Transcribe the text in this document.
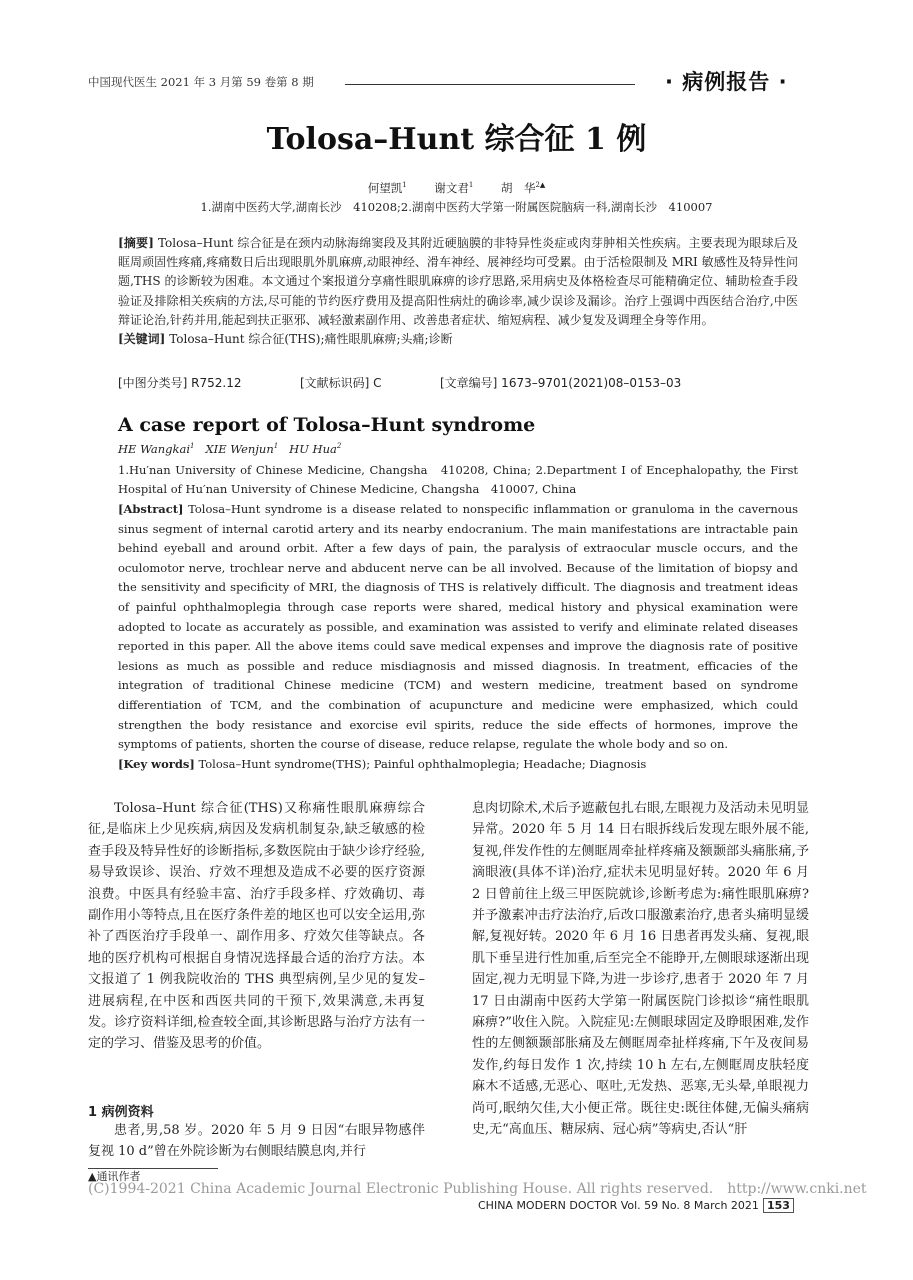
中国现代医生 2021 年 3 月第 59 卷第 8 期	· 病例报告 ·
Tolosa–Hunt 综合征 1 例
何望凯$^1$ 谢文君$^1$ 胡　华$^{2▲}$
1.湖南中医药大学,湖南长沙　410208;2.湖南中医药大学第一附属医院脑病一科,湖南长沙　410007
[摘要] Tolosa–Hunt 综合征是在颈内动脉海绵窦段及其附近硬脑膜的非特异性炎症或肉芽肿相关性疾病。主要表现为眼球后及眶周顽固性疼痛,疼痛数日后出现眼肌外肌麻痹,动眼神经、滑车神经、展神经均可受累。由于活检限制及 MRI 敏感性及特异性问题,THS 的诊断较为困难。本文通过个案报道分享痛性眼肌麻痹的诊疗思路,采用病史及体格检查尽可能精确定位、辅助检查手段验证及排除相关疾病的方法,尽可能的节约医疗费用及提高阳性病灶的确诊率,减少误诊及漏诊。治疗上强调中西医结合治疗,中医辩证论治,针药并用,能起到扶正驱邪、减轻激素副作用、改善患者症状、缩短病程、减少复发及调理全身等作用。
[关键词] Tolosa–Hunt 综合征(THS);痛性眼肌麻痹;头痛;诊断
[中图分类号] R752.12	[文献标识码] C	[文章编号] 1673–9701(2021)08–0153–03
A case report of Tolosa–Hunt syndrome
HE Wangkai$^1$ XIE Wenjun$^1$ HU Hua$^2$
1.Hu′nan University of Chinese Medicine, Changsha　410208, China; 2.Department I of Encephalopathy, the First Hospital of Hu′nan University of Chinese Medicine, Changsha　410007, China
[Abstract] Tolosa–Hunt syndrome is a disease related to nonspecific inflammation or granuloma in the cavernous sinus segment of internal carotid artery and its nearby endocranium. The main manifestations are intractable pain behind eyeball and around orbit. After a few days of pain, the paralysis of extraocular muscle occurs, and the oculomotor nerve, trochlear nerve and abducent nerve can be all involved. Because of the limitation of biopsy and the sensitivity and specificity of MRI, the diagnosis of THS is relatively difficult. The diagnosis and treatment ideas of painful ophthalmoplegia through case reports were shared, medical history and physical examination were adopted to locate as accurately as possible, and examination was assisted to verify and eliminate related diseases reported in this paper. All the above items could save medical expenses and improve the diagnosis rate of positive lesions as much as possible and reduce misdiagnosis and missed diagnosis. In treatment, efficacies of the integration of traditional Chinese medicine (TCM) and western medicine, treatment based on syndrome differentiation of TCM, and the combination of acupuncture and medicine were emphasized, which could strengthen the body resistance and exorcise evil spirits, reduce the side effects of hormones, improve the symptoms of patients, shorten the course of disease, reduce relapse, regulate the whole body and so on.
[Key words] Tolosa–Hunt syndrome(THS); Painful ophthalmoplegia; Headache; Diagnosis
Tolosa–Hunt 综合征(THS)又称痛性眼肌麻痹综合征,是临床上少见疾病,病因及发病机制复杂,缺乏敏感的检查手段及特异性好的诊断指标,多数医院由于缺少诊疗经验,易导致误诊、误治、疗效不理想及造成不必要的医疗资源浪费。中医具有经验丰富、治疗手段多样、疗效确切、毒副作用小等特点,且在医疗条件差的地区也可以安全运用,弥补了西医治疗手段单一、副作用多、疗效欠佳等缺点。各地的医疗机构可根据自身情况选择最合适的治疗方法。本文报道了 1 例我院收治的 THS 典型病例,呈少见的复发–进展病程,在中医和西医共同的干预下,效果满意,未再复发。诊疗资料详细,检查较全面,其诊断思路与治疗方法有一定的学习、借鉴及思考的价值。
1 病例资料
患者,男,58 岁。2020 年 5 月 9 日因“右眼异物感伴复视 10 d”曾在外院诊断为右侧眼结膜息肉,并行
息肉切除术,术后予遮蔽包扎右眼,左眼视力及活动未见明显异常。2020 年 5 月 14 日右眼拆线后发现左眼外展不能,复视,伴发作性的左侧眶周牵扯样疼痛及额颞部头痛胀痛,予滴眼液(具体不详)治疗,症状未见明显好转。2020 年 6 月 2 日曾前往上级三甲医院就诊,诊断考虑为:痛性眼肌麻痹?并予激素冲击疗法治疗,后改口服激素治疗,患者头痛明显缓解,复视好转。2020 年 6 月 16 日患者再发头痛、复视,眼肌下垂呈进行性加重,后至完全不能睁开,左侧眼球逐渐出现固定,视力无明显下降,为进一步诊疗,患者于 2020 年 7 月 17 日由湖南中医药大学第一附属医院门诊拟诊“痛性眼肌麻痹?”收住入院。入院症见:左侧眼球固定及睁眼困难,发作性的左侧额颞部胀痛及左侧眶周牵扯样疼痛,下午及夜间易发作,约每日发作 1 次,持续 10 h 左右,左侧眶周皮肤轻度麻木不适感,无恶心、呕吐,无发热、恶寒,无头晕,单眼视力尚可,眠纳欠佳,大小便正常。既往史:既往体健,无偏头痛病史,无“高血压、糖尿病、冠心病”等病史,否认“肝
▲通讯作者
(C)1994-2021 China Academic Journal Electronic Publishing House. All rights reserved.　http://www.cnki.net
CHINA MODERN DOCTOR Vol. 59 No. 8 March 2021 153
